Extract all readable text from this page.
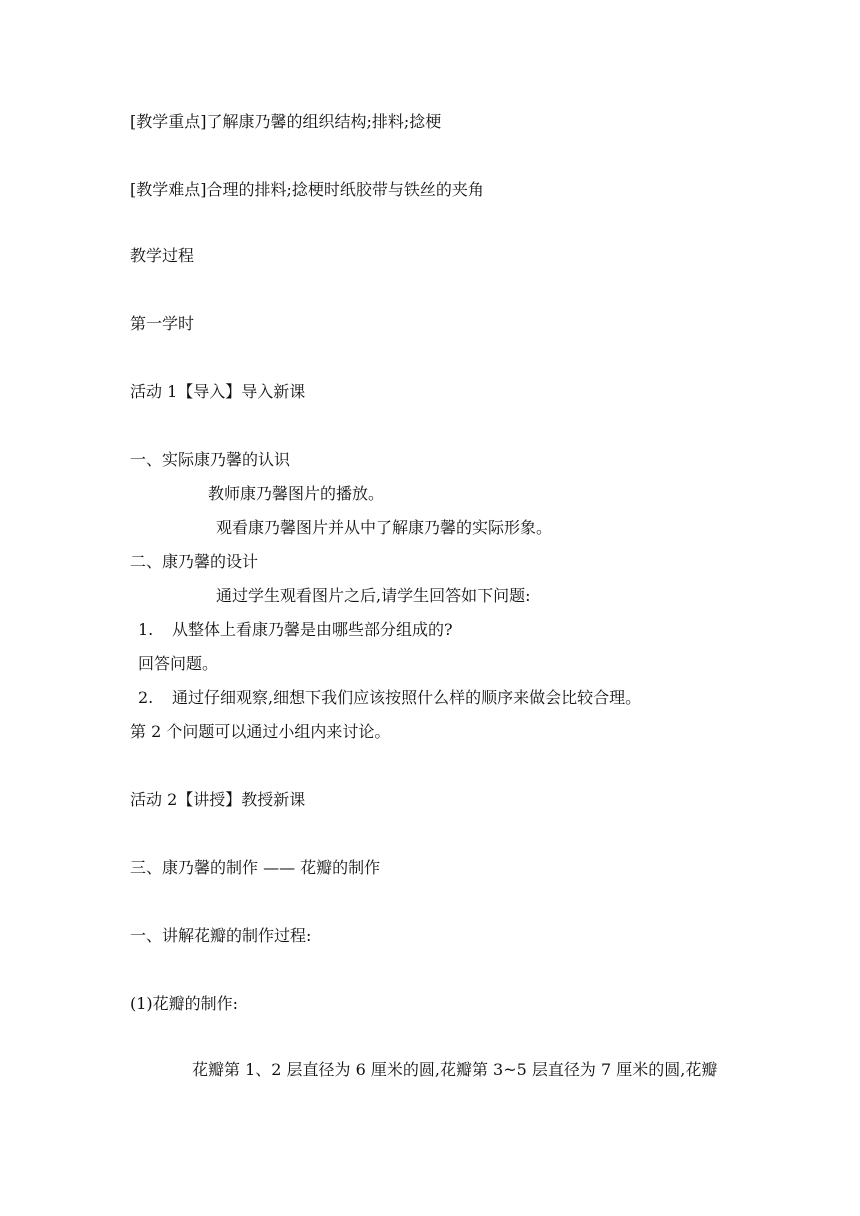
[教学重点]了解康乃馨的组织结构;排料;捻梗
[教学难点]合理的排料;捻梗时纸胶带与铁丝的夹角
教学过程
第一学时
活动 1【导入】导入新课
一、实际康乃馨的认识
教师康乃馨图片的播放。
观看康乃馨图片并从中了解康乃馨的实际形象。
二、康乃馨的设计
通过学生观看图片之后,请学生回答如下问题:
1. 从整体上看康乃馨是由哪些部分组成的?
回答问题。
2. 通过仔细观察,细想下我们应该按照什么样的顺序来做会比较合理。
第 2 个问题可以通过小组内来讨论。
活动 2【讲授】教授新课
三、康乃馨的制作 —— 花瓣的制作
一、讲解花瓣的制作过程:
(1)花瓣的制作:
花瓣第 1、2 层直径为 6 厘米的圆,花瓣第 3~5 层直径为 7 厘米的圆,花瓣
